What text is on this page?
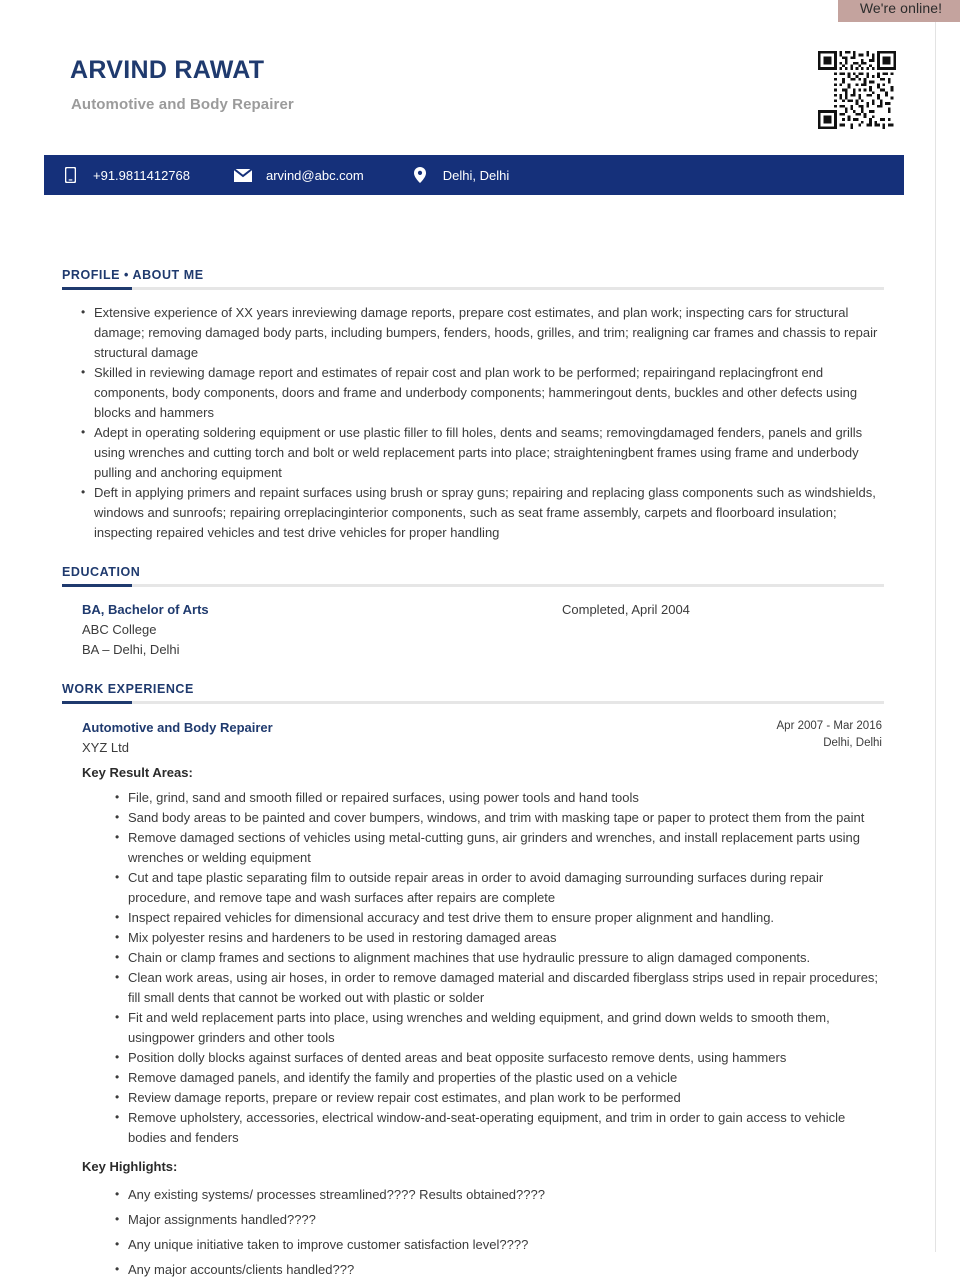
ARVIND RAWAT
Automotive and Body Repairer
+91.9811412768	arvind@abc.com	Delhi, Delhi
PROFILE • ABOUT ME
• Extensive experience of XX years inreviewing damage reports, prepare cost estimates, and plan work; inspecting cars for structural damage; removing damaged body parts, including bumpers, fenders, hoods, grilles, and trim; realigning car frames and chassis to repair structural damage
• Skilled in reviewing damage report and estimates of repair cost and plan work to be performed; repairingand replacingfront end components, body components, doors and frame and underbody components; hammeringout dents, buckles and other defects using blocks and hammers
• Adept in operating soldering equipment or use plastic filler to fill holes, dents and seams; removingdamaged fenders, panels and grills using wrenches and cutting torch and bolt or weld replacement parts into place; straighteningbent frames using frame and underbody pulling and anchoring equipment
• Deft in applying primers and repaint surfaces using brush or spray guns; repairing and replacing glass components such as windshields, windows and sunroofs; repairing orreplacinginterior components, such as seat frame assembly, carpets and floorboard insulation; inspecting repaired vehicles and test drive vehicles for proper handling
EDUCATION
BA, Bachelor of Arts
ABC College
BA – Delhi, Delhi
Completed, April 2004
WORK EXPERIENCE
Automotive and Body Repairer
XYZ Ltd
Apr 2007 - Mar 2016
Delhi, Delhi
Key Result Areas:
• File, grind, sand and smooth filled or repaired surfaces, using power tools and hand tools
• Sand body areas to be painted and cover bumpers, windows, and trim with masking tape or paper to protect them from the paint
• Remove damaged sections of vehicles using metal-cutting guns, air grinders and wrenches, and install replacement parts using wrenches or welding equipment
• Cut and tape plastic separating film to outside repair areas in order to avoid damaging surrounding surfaces during repair procedure, and remove tape and wash surfaces after repairs are complete
• Inspect repaired vehicles for dimensional accuracy and test drive them to ensure proper alignment and handling.
• Mix polyester resins and hardeners to be used in restoring damaged areas
• Chain or clamp frames and sections to alignment machines that use hydraulic pressure to align damaged components.
• Clean work areas, using air hoses, in order to remove damaged material and discarded fiberglass strips used in repair procedures; fill small dents that cannot be worked out with plastic or solder
• Fit and weld replacement parts into place, using wrenches and welding equipment, and grind down welds to smooth them, usingpower grinders and other tools
• Position dolly blocks against surfaces of dented areas and beat opposite surfacesto remove dents, using hammers
• Remove damaged panels, and identify the family and properties of the plastic used on a vehicle
• Review damage reports, prepare or review repair cost estimates, and plan work to be performed
• Remove upholstery, accessories, electrical window-and-seat-operating equipment, and trim in order to gain access to vehicle bodies and fenders
Key Highlights:
• Any existing systems/ processes streamlined???? Results obtained????
• Major assignments handled????
• Any unique initiative taken to improve customer satisfaction level????
• Any major accounts/clients handled???
We're online!
